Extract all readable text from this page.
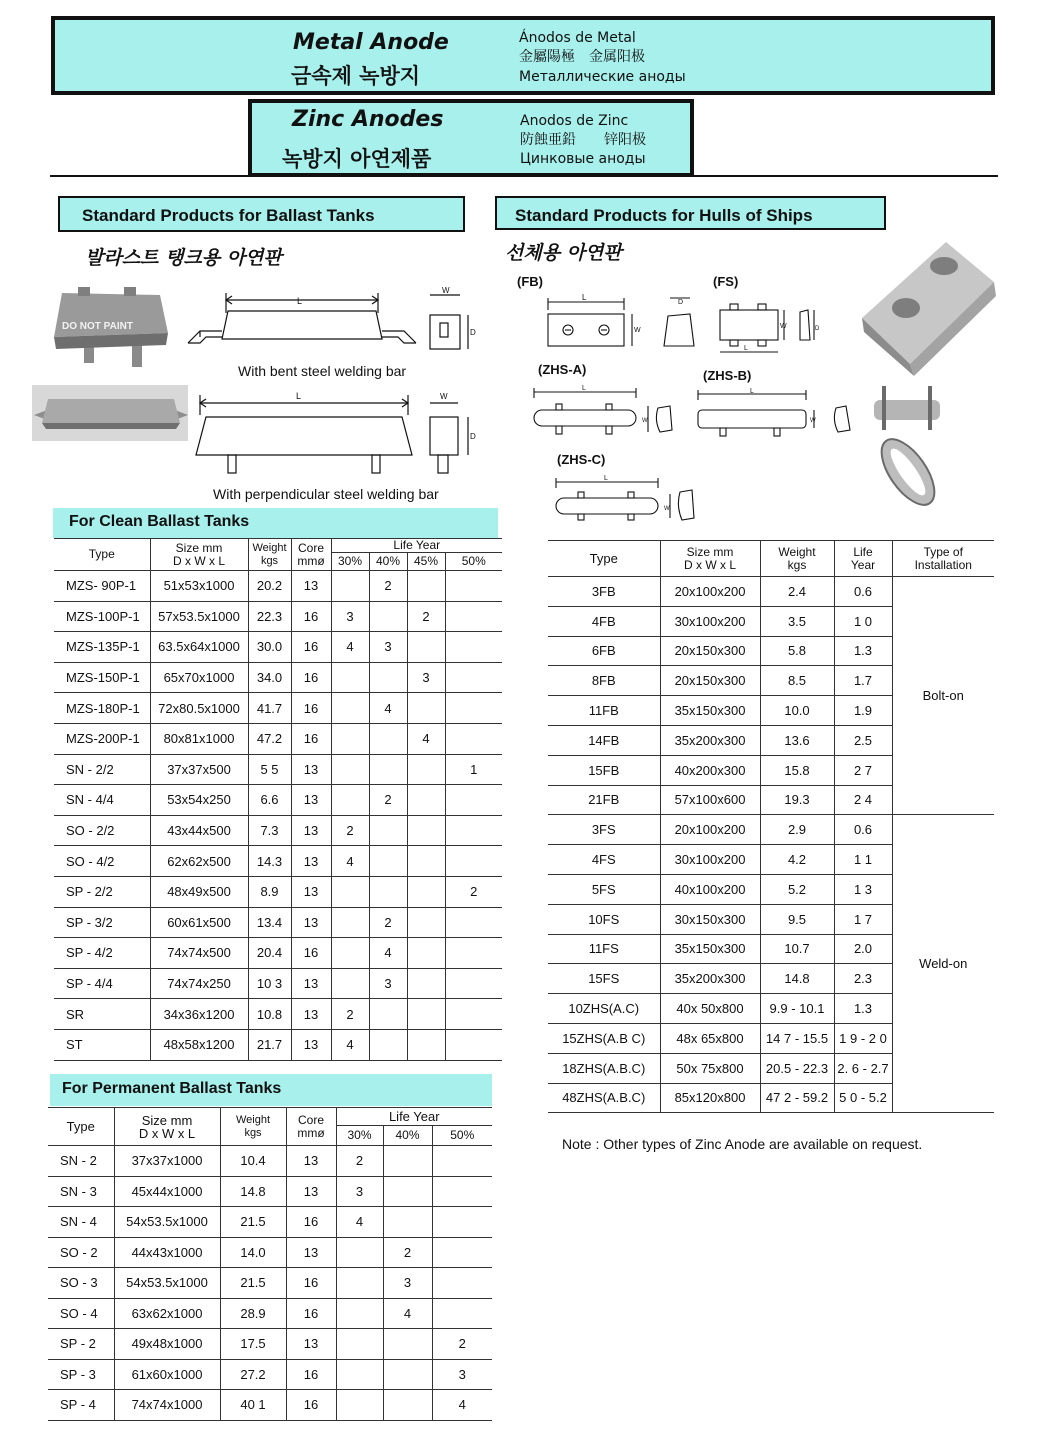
Metal Anode
금속제 녹방지
Ánodos de Metal
金屬陽極　金属阳极
Металлические аноды
Zinc Anodes
녹방지 아연제품
Anodos de Zinc
防蝕亜鉛　　锌阳极
Цинковые аноды
Standard Products for Ballast Tanks	Standard Products for Hulls of Ships
발라스트 탱크용 아연판	선체용 아연판
DO NOT PAINT
L
W
D
With bent steel welding bar
L	W
D
With perpendicular steel welding bar
(FB)	(FS)
(ZHS-A)	(ZHS-B)
(ZHS-C)
L
W
D
W
L
D
L
W
L
W
L
W
For Clean Ballast Tanks
Type	Size mm
D x W x L	Weight
kgs	Core
mmø	Life Year			
				30%	40%	45%	50%
MZS- 90P-1	51x53x1000	20.2	13		2		
MZS-100P-1	57x53.5x1000	22.3	16	3		2	
MZS-135P-1	63.5x64x1000	30.0	16	4	3		
MZS-150P-1	65x70x1000	34.0	16			3	
MZS-180P-1	72x80.5x1000	41.7	16		4		
MZS-200P-1	80x81x1000	47.2	16			4	
SN - 2/2	37x37x500	5 5	13				1
SN - 4/4	53x54x250	6.6	13		2		
SO - 2/2	43x44x500	7.3	13	2			
SO - 4/2	62x62x500	14.3	13	4			
SP - 2/2	48x49x500	8.9	13				2
SP - 3/2	60x61x500	13.4	13		2		
SP - 4/2	74x74x500	20.4	16		4		
SP - 4/4	74x74x250	10 3	13		3		
SR	34x36x1200	10.8	13	2			
ST	48x58x1200	21.7	13	4			
For Permanent Ballast Tanks
Type	Size mm
D x W x L	Weight
kgs	Core
mmø	Life Year		
				30%	40%	50%
SN - 2	37x37x1000	10.4	13	2		
SN - 3	45x44x1000	14.8	13	3		
SN - 4	54x53.5x1000	21.5	16	4		
SO - 2	44x43x1000	14.0	13		2	
SO - 3	54x53.5x1000	21.5	16		3	
SO - 4	63x62x1000	28.9	16		4	
SP - 2	49x48x1000	17.5	13			2
SP - 3	61x60x1000	27.2	16			3
SP - 4	74x74x1000	40 1	16			4
Type	Size mm
D x W x L	Weight
kgs	Life
Year	Type of
Installation
3FB	20x100x200	2.4	0.6	Bolt-on
4FB	30x100x200	3.5	1 0	
6FB	20x150x300	5.8	1.3	
8FB	20x150x300	8.5	1.7	
11FB	35x150x300	10.0	1.9	
14FB	35x200x300	13.6	2.5	
15FB	40x200x300	15.8	2 7	
21FB	57x100x600	19.3	2 4	
3FS	20x100x200	2.9	0.6	Weld-on
4FS	30x100x200	4.2	1 1	
5FS	40x100x200	5.2	1 3	
10FS	30x150x300	9.5	1 7	
11FS	35x150x300	10.7	2.0	
15FS	35x200x300	14.8	2.3	
10ZHS(A.C)	40x 50x800	9.9 - 10.1	1.3	
15ZHS(A.B C)	48x 65x800	14 7 - 15.5	1 9 - 2 0	
18ZHS(A.B.C)	50x 75x800	20.5 - 22.3	2. 6 - 2.7	
48ZHS(A.B.C)	85x120x800	47 2 - 59.2	5 0 - 5.2	
Note : Other types of Zinc Anode are available on request.
